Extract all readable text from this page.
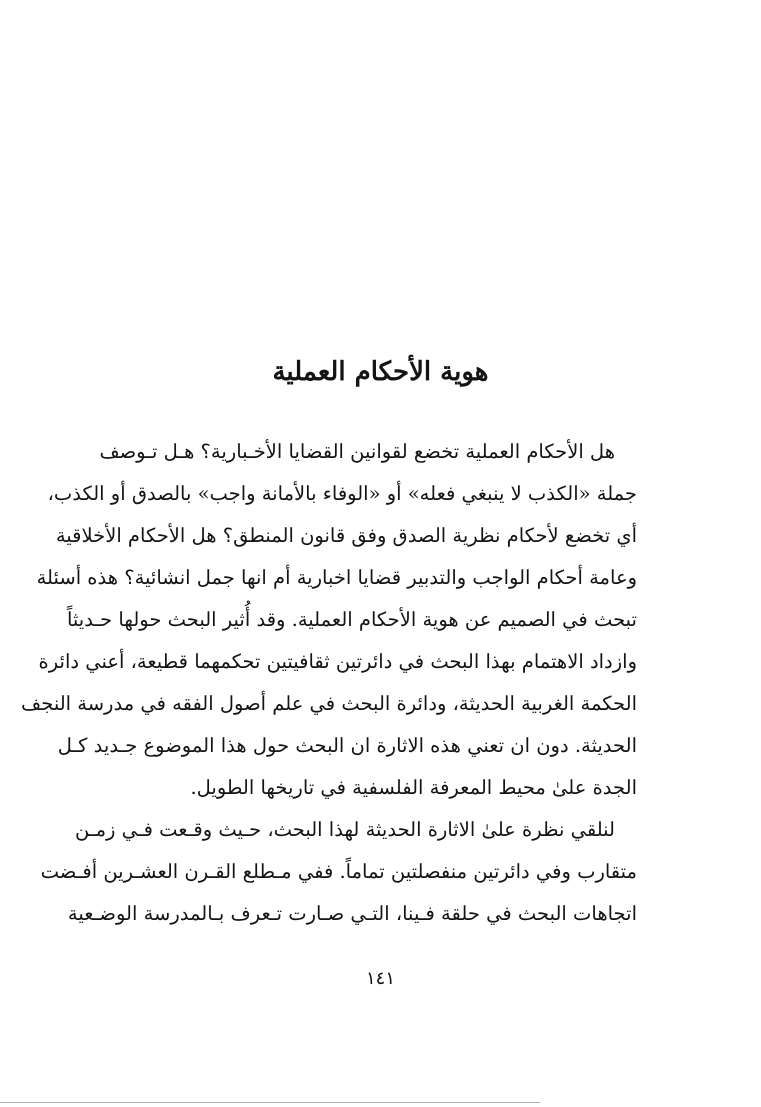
هوية الأحكام العملية
هل الأحكام العملية تخضع لقوانين القضايا الأخـبارية؟ هـل تـوصف
جملة «الكذب لا ينبغي فعله» أو «الوفاء بالأمانة واجب» بالصدق أو الكذب،
أي تخضع لأحكام نظرية الصدق وفق قانون المنطق؟ هل الأحكام الأخلاقية
وعامة أحكام الواجب والتدبير قضايا اخبارية أم انها جمل انشائية؟ هذه أسئلة
تبحث في الصميم عن هوية الأحكام العملية. وقد أُثير البحث حولها حـديثاً
وازداد الاهتمام بهذا البحث في دائرتين ثقافيتين تحكمهما قطيعة، أعني دائرة
الحكمة الغربية الحديثة، ودائرة البحث في علم أصول الفقه في مدرسة النجف
الحديثة. دون ان تعني هذه الاثارة ان البحث حول هذا الموضوع جـديد كـل
الجدة علىٰ محيط المعرفة الفلسفية في تاريخها الطويل.
لنلقي نظرة علىٰ الاثارة الحديثة لهذا البحث، حـيث وقـعت فـي زمـن
متقارب وفي دائرتين منفصلتين تماماً. ففي مـطلع القـرن العشـرين أفـضت
اتجاهات البحث في حلقة فـينا، التـي صـارت تـعرف بـالمدرسة الوضـعية
١٤١
